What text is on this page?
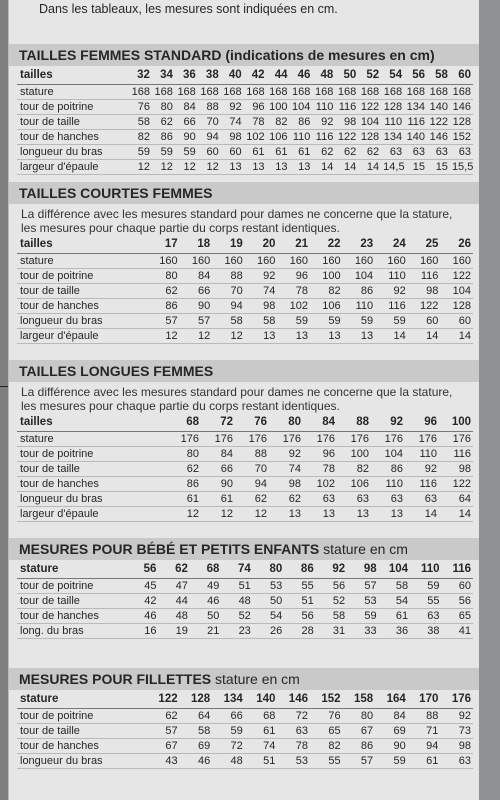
Dans les tableaux, les mesures sont indiquées en cm.
TAILLES FEMMES STANDARD (indications de mesures en cm)
tailles	32	34	36	38	40	42	44	46	48	50	52	54	56	58	60
stature	168	168	168	168	168	168	168	168	168	168	168	168	168	168	168
tour de poitrine	76	80	84	88	92	96	100	104	110	116	122	128	134	140	146
tour de taille	58	62	66	70	74	78	82	86	92	98	104	110	116	122	128
tour de hanches	82	86	90	94	98	102	106	110	116	122	128	134	140	146	152
longueur du bras	59	59	59	60	60	61	61	61	62	62	62	63	63	63	63
largeur d'épaule	12	12	12	12	13	13	13	13	14	14	14	14,5	15	15	15,5
TAILLES COURTES FEMMES
La différence avec les mesures standard pour dames ne concerne que la stature, les mesures pour chaque partie du corps restant identiques.
tailles	17	18	19	20	21	22	23	24	25	26
stature	160	160	160	160	160	160	160	160	160	160
tour de poitrine	80	84	88	92	96	100	104	110	116	122
tour de taille	62	66	70	74	78	82	86	92	98	104
tour de hanches	86	90	94	98	102	106	110	116	122	128
longueur du bras	57	57	58	58	59	59	59	59	60	60
largeur d'épaule	12	12	12	13	13	13	13	14	14	14
TAILLES LONGUES FEMMES
La différence avec les mesures standard pour dames ne concerne que la stature, les mesures pour chaque partie du corps restant identiques.
tailles	68	72	76	80	84	88	92	96	100
stature	176	176	176	176	176	176	176	176	176
tour de poitrine	80	84	88	92	96	100	104	110	116
tour de taille	62	66	70	74	78	82	86	92	98
tour de hanches	86	90	94	98	102	106	110	116	122
longueur du bras	61	61	62	62	63	63	63	63	64
largeur d'épaule	12	12	12	13	13	13	13	14	14
MESURES POUR BÉBÉ ET PETITS ENFANTS stature en cm
stature	56	62	68	74	80	86	92	98	104	110	116
tour de poitrine	45	47	49	51	53	55	56	57	58	59	60
tour de taille	42	44	46	48	50	51	52	53	54	55	56
tour de hanches	46	48	50	52	54	56	58	59	61	63	65
long. du bras	16	19	21	23	26	28	31	33	36	38	41
MESURES POUR FILLETTES stature en cm
stature	122	128	134	140	146	152	158	164	170	176
tour de poitrine	62	64	66	68	72	76	80	84	88	92
tour de taille	57	58	59	61	63	65	67	69	71	73
tour de hanches	67	69	72	74	78	82	86	90	94	98
longueur du bras	43	46	48	51	53	55	57	59	61	63
